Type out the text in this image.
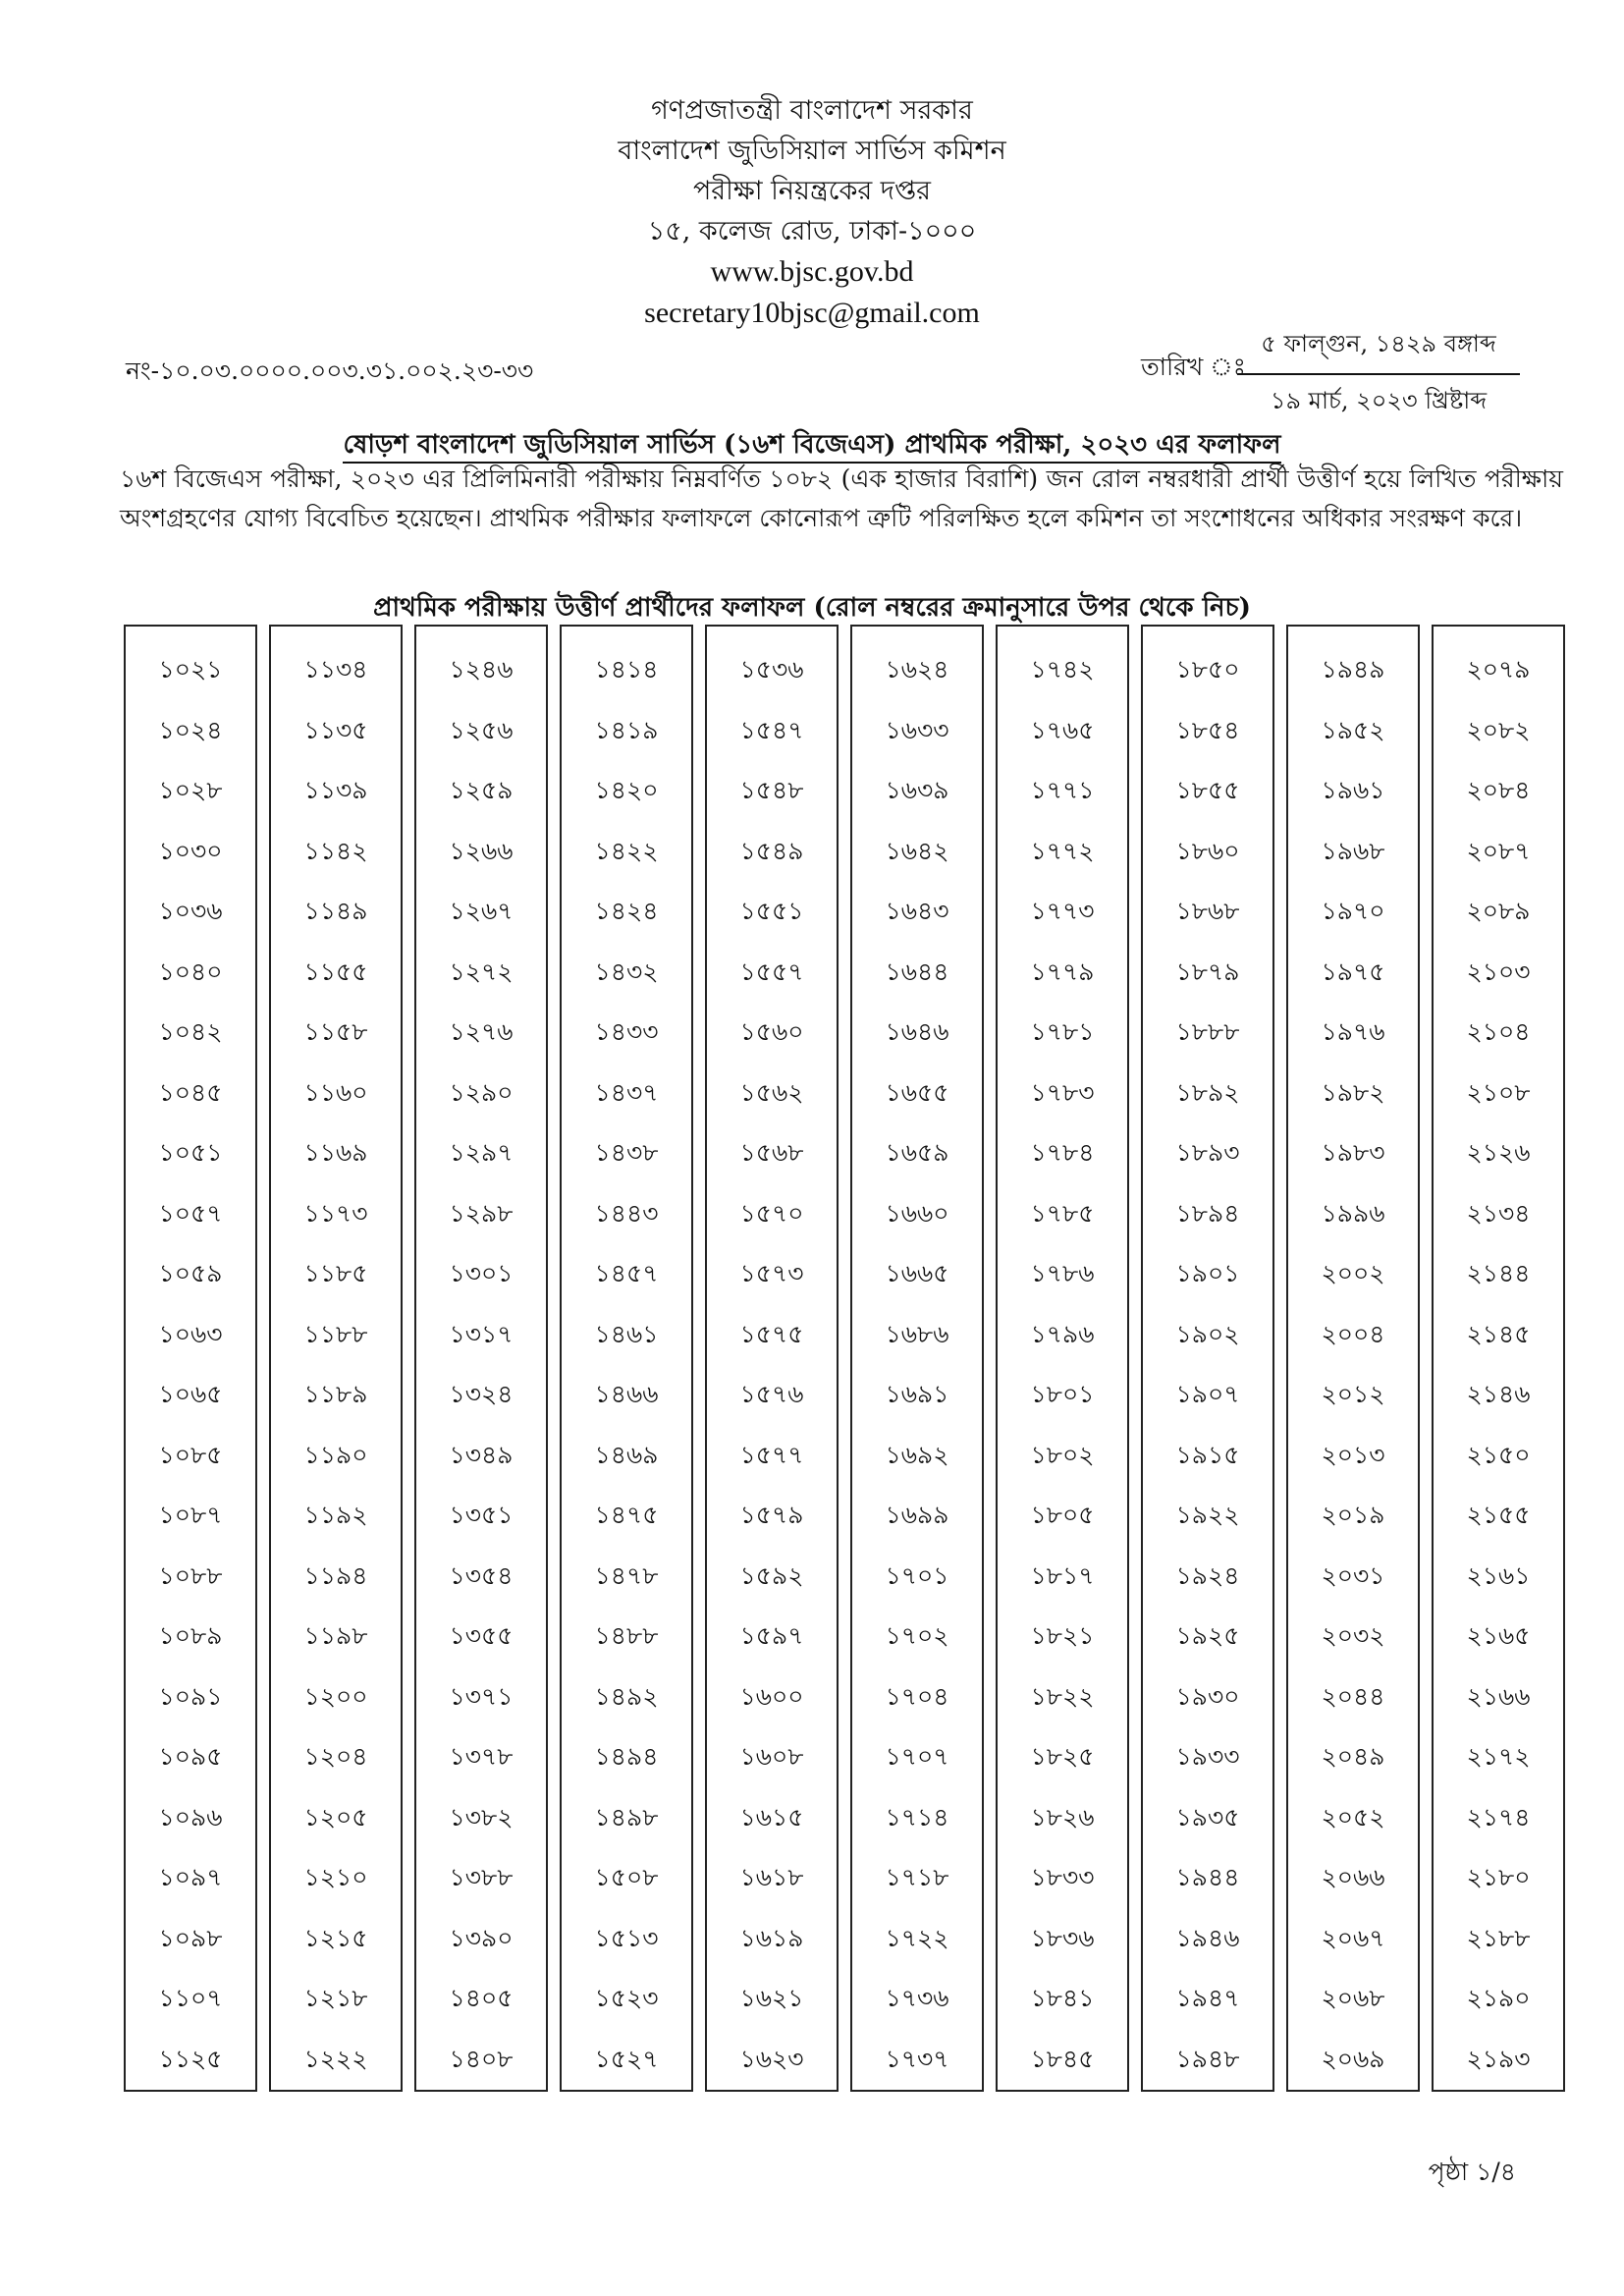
গণপ্রজাতন্ত্রী বাংলাদেশ সরকার
বাংলাদেশ জুডিসিয়াল সার্ভিস কমিশন
পরীক্ষা নিয়ন্ত্রকের দপ্তর
১৫, কলেজ রোড, ঢাকা-১০০০
www.bjsc.gov.bd
secretary10bjsc@gmail.com
নং-১০.০৩.০০০০.০০৩.৩১.০০২.২৩-৩৩	তারিখ ঃ
৫ ফাল্গুন, ১৪২৯ বঙ্গাব্দ
১৯ মার্চ, ২০২৩ খ্রিষ্টাব্দ
ষোড়শ বাংলাদেশ জুডিসিয়াল সার্ভিস (১৬শ বিজেএস) প্রাথমিক পরীক্ষা, ২০২৩ এর ফলাফল
১৬শ বিজেএস পরীক্ষা, ২০২৩ এর প্রিলিমিনারী পরীক্ষায় নিম্নবর্ণিত ১০৮২ (এক হাজার বিরাশি) জন রোল নম্বরধারী প্রার্থী উত্তীর্ণ হয়ে লিখিত পরীক্ষায় অংশগ্রহণের যোগ্য বিবেচিত হয়েছেন। প্রাথমিক পরীক্ষার ফলাফলে কোনোরূপ ত্রুটি পরিলক্ষিত হলে কমিশন তা সংশোধনের অধিকার সংরক্ষণ করে।
প্রাথমিক পরীক্ষায় উত্তীর্ণ প্রার্থীদের ফলাফল (রোল নম্বরের ক্রমানুসারে উপর থেকে নিচ)
১০২১
১০২৪
১০২৮
১০৩০
১০৩৬
১০৪০
১০৪২
১০৪৫
১০৫১
১০৫৭
১০৫৯
১০৬৩
১০৬৫
১০৮৫
১০৮৭
১০৮৮
১০৮৯
১০৯১
১০৯৫
১০৯৬
১০৯৭
১০৯৮
১১০৭
১১২৫
১১৩৪
১১৩৫
১১৩৯
১১৪২
১১৪৯
১১৫৫
১১৫৮
১১৬০
১১৬৯
১১৭৩
১১৮৫
১১৮৮
১১৮৯
১১৯০
১১৯২
১১৯৪
১১৯৮
১২০০
১২০৪
১২০৫
১২১০
১২১৫
১২১৮
১২২২
১২৪৬
১২৫৬
১২৫৯
১২৬৬
১২৬৭
১২৭২
১২৭৬
১২৯০
১২৯৭
১২৯৮
১৩০১
১৩১৭
১৩২৪
১৩৪৯
১৩৫১
১৩৫৪
১৩৫৫
১৩৭১
১৩৭৮
১৩৮২
১৩৮৮
১৩৯০
১৪০৫
১৪০৮
১৪১৪
১৪১৯
১৪২০
১৪২২
১৪২৪
১৪৩২
১৪৩৩
১৪৩৭
১৪৩৮
১৪৪৩
১৪৫৭
১৪৬১
১৪৬৬
১৪৬৯
১৪৭৫
১৪৭৮
১৪৮৮
১৪৯২
১৪৯৪
১৪৯৮
১৫০৮
১৫১৩
১৫২৩
১৫২৭
১৫৩৬
১৫৪৭
১৫৪৮
১৫৪৯
১৫৫১
১৫৫৭
১৫৬০
১৫৬২
১৫৬৮
১৫৭০
১৫৭৩
১৫৭৫
১৫৭৬
১৫৭৭
১৫৭৯
১৫৯২
১৫৯৭
১৬০০
১৬০৮
১৬১৫
১৬১৮
১৬১৯
১৬২১
১৬২৩
১৬২৪
১৬৩৩
১৬৩৯
১৬৪২
১৬৪৩
১৬৪৪
১৬৪৬
১৬৫৫
১৬৫৯
১৬৬০
১৬৬৫
১৬৮৬
১৬৯১
১৬৯২
১৬৯৯
১৭০১
১৭০২
১৭০৪
১৭০৭
১৭১৪
১৭১৮
১৭২২
১৭৩৬
১৭৩৭
১৭৪২
১৭৬৫
১৭৭১
১৭৭২
১৭৭৩
১৭৭৯
১৭৮১
১৭৮৩
১৭৮৪
১৭৮৫
১৭৮৬
১৭৯৬
১৮০১
১৮০২
১৮০৫
১৮১৭
১৮২১
১৮২২
১৮২৫
১৮২৬
১৮৩৩
১৮৩৬
১৮৪১
১৮৪৫
১৮৫০
১৮৫৪
১৮৫৫
১৮৬০
১৮৬৮
১৮৭৯
১৮৮৮
১৮৯২
১৮৯৩
১৮৯৪
১৯০১
১৯০২
১৯০৭
১৯১৫
১৯২২
১৯২৪
১৯২৫
১৯৩০
১৯৩৩
১৯৩৫
১৯৪৪
১৯৪৬
১৯৪৭
১৯৪৮
১৯৪৯
১৯৫২
১৯৬১
১৯৬৮
১৯৭০
১৯৭৫
১৯৭৬
১৯৮২
১৯৮৩
১৯৯৬
২০০২
২০০৪
২০১২
২০১৩
২০১৯
২০৩১
২০৩২
২০৪৪
২০৪৯
২০৫২
২০৬৬
২০৬৭
২০৬৮
২০৬৯
২০৭৯
২০৮২
২০৮৪
২০৮৭
২০৮৯
২১০৩
২১০৪
২১০৮
২১২৬
২১৩৪
২১৪৪
২১৪৫
২১৪৬
২১৫০
২১৫৫
২১৬১
২১৬৫
২১৬৬
২১৭২
২১৭৪
২১৮০
২১৮৮
২১৯০
২১৯৩
পৃষ্ঠা ১/৪
